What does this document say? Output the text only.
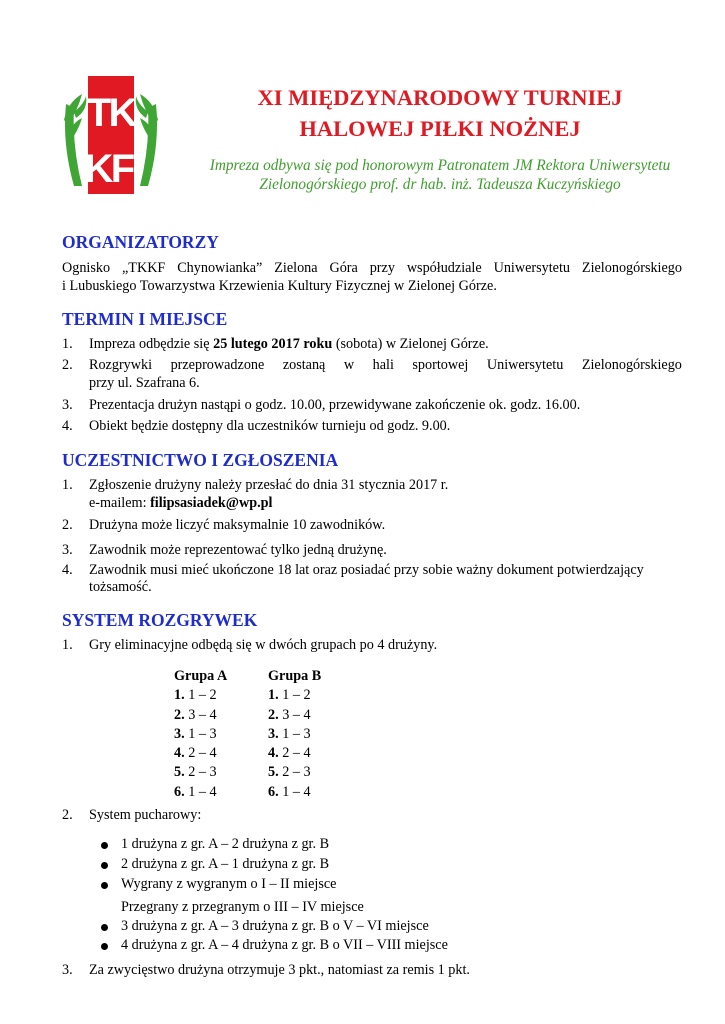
T
K
K
F
XI MIĘDZYNARODOWY TURNIEJ
HALOWEJ PIŁKI NOŻNEJ
Impreza odbywa się pod honorowym Patronatem JM Rektora Uniwersytetu
Zielonogórskiego prof. dr hab. inż. Tadeusza Kuczyńskiego
ORGANIZATORZY
Ognisko „TKKF Chynowianka” Zielona Góra przy współudziale Uniwersytetu Zielonogórskiego
i Lubuskiego Towarzystwa Krzewienia Kultury Fizycznej w Zielonej Górze.
TERMIN I MIEJSCE
1. Impreza odbędzie się 25 lutego 2017 roku (sobota) w Zielonej Górze.
2. Rozgrywki przeprowadzone zostaną w hali sportowej Uniwersytetu Zielonogórskiego
przy ul. Szafrana 6.
3. Prezentacja drużyn nastąpi o godz. 10.00, przewidywane zakończenie ok. godz. 16.00.
4. Obiekt będzie dostępny dla uczestników turnieju od godz. 9.00.
UCZESTNICTWO I ZGŁOSZENIA
1. Zgłoszenie drużyny należy przesłać do dnia 31 stycznia 2017 r.
e-mailem: filipsasiadek@wp.pl
2. Drużyna może liczyć maksymalnie 10 zawodników.
3. Zawodnik może reprezentować tylko jedną drużynę.
4. Zawodnik musi mieć ukończone 18 lat oraz posiadać przy sobie ważny dokument potwierdzający
tożsamość.
SYSTEM ROZGRYWEK
1. Gry eliminacyjne odbędą się w dwóch grupach po 4 drużyny.
Grupa A
1. 1 – 2
2. 3 – 4
3. 1 – 3
4. 2 – 4
5. 2 – 3
6. 1 – 4
Grupa B
1. 1 – 2
2. 3 – 4
3. 1 – 3
4. 2 – 4
5. 2 – 3
6. 1 – 4
2. System pucharowy:
1 drużyna z gr. A – 2 drużyna z gr. B
2 drużyna z gr. A – 1 drużyna z gr. B
Wygrany z wygranym o I – II miejsce
Przegrany z przegranym o III – IV miejsce
3 drużyna z gr. A – 3 drużyna z gr. B o V – VI miejsce
4 drużyna z gr. A – 4 drużyna z gr. B o VII – VIII miejsce
3. Za zwycięstwo drużyna otrzymuje 3 pkt., natomiast za remis 1 pkt.
